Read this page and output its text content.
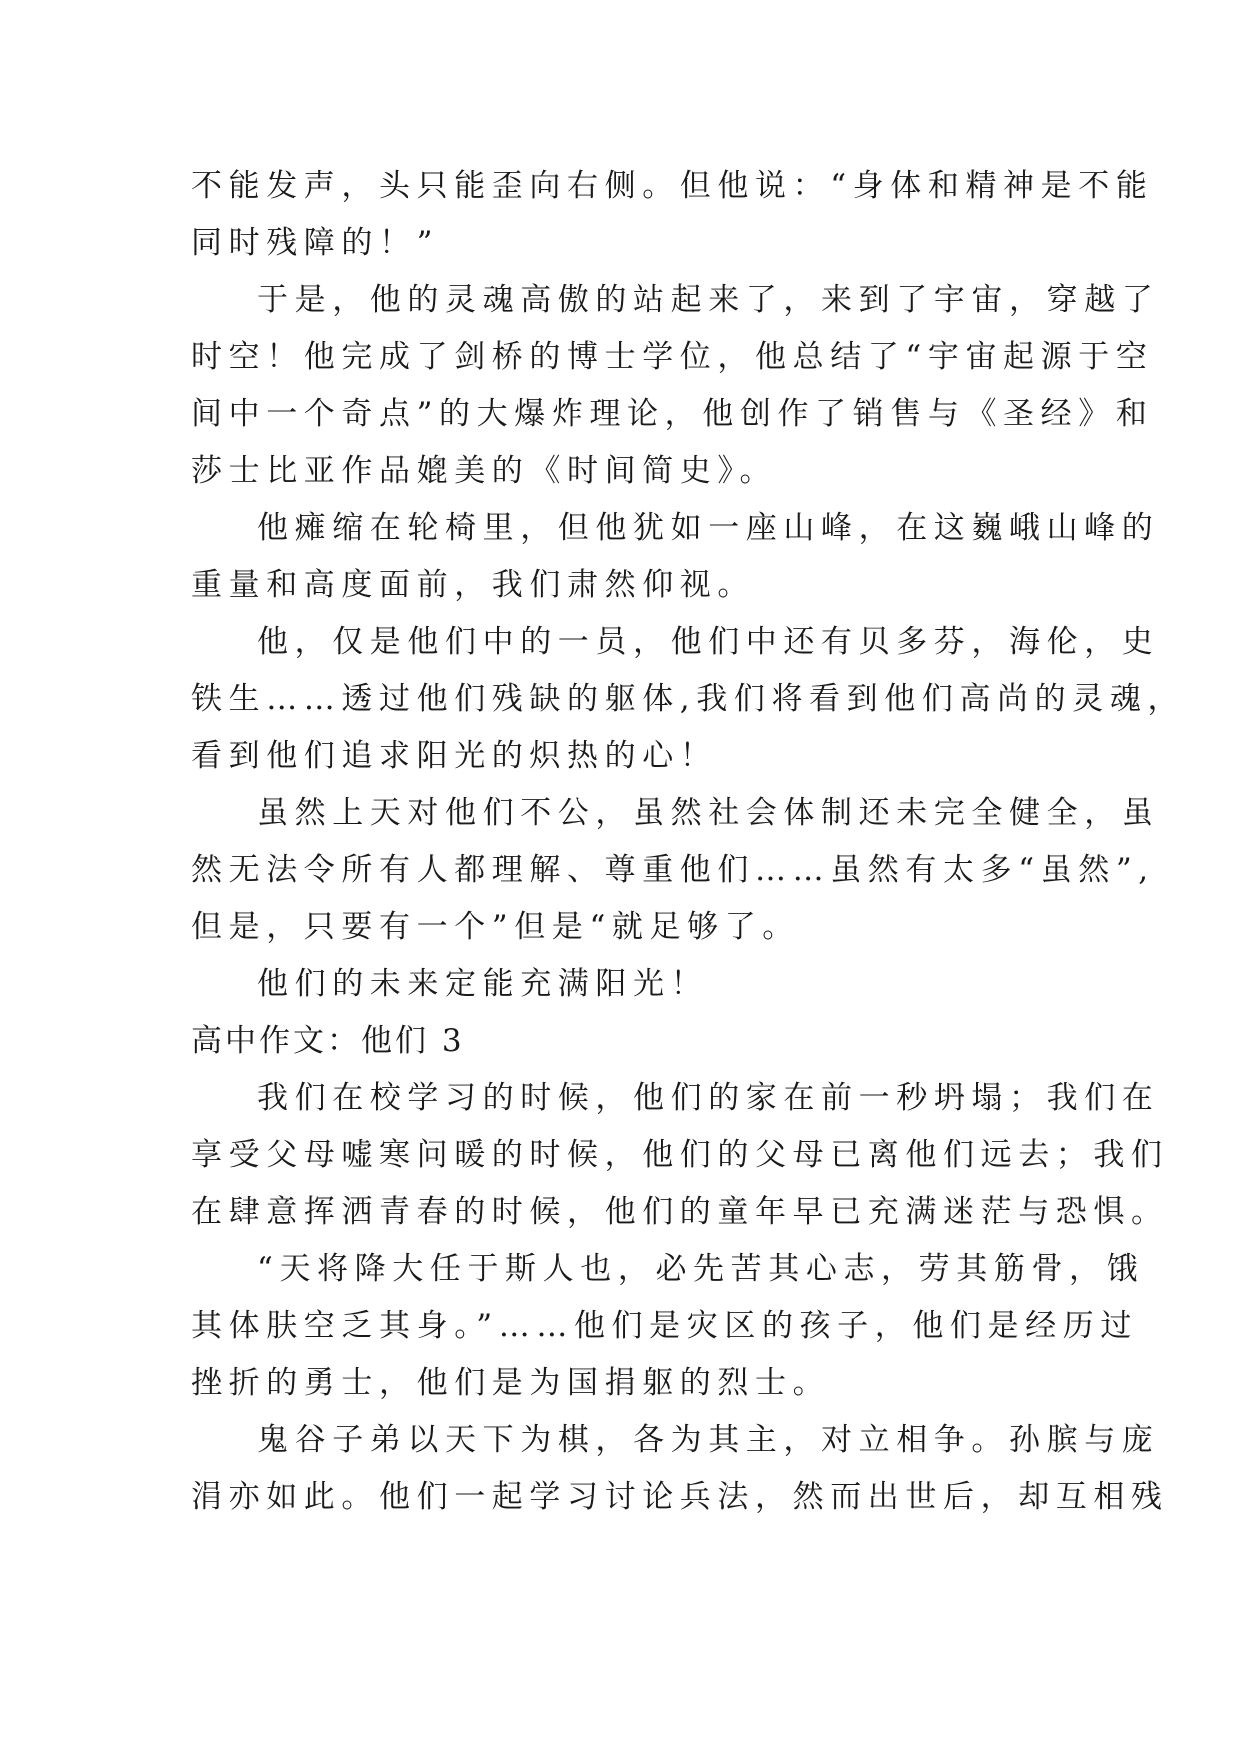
不能发声，头只能歪向右侧。但他说：“身体和精神是不能
同时残障的！”
于是，他的灵魂高傲的站起来了，来到了宇宙，穿越了
时空！他完成了剑桥的博士学位，他总结了“宇宙起源于空
间中一个奇点”的大爆炸理论，他创作了销售与《圣经》和
莎士比亚作品媲美的《时间简史》。
他瘫缩在轮椅里，但他犹如一座山峰，在这巍峨山峰的
重量和高度面前，我们肃然仰视。
他，仅是他们中的一员，他们中还有贝多芬，海伦，史
铁生……透过他们残缺的躯体,我们将看到他们高尚的灵魂，
看到他们追求阳光的炽热的心！
虽然上天对他们不公，虽然社会体制还未完全健全，虽
然无法令所有人都理解、尊重他们……虽然有太多“虽然”,
但是，只要有一个”但是“就足够了。
他们的未来定能充满阳光！
高中作文：他们 3
我们在校学习的时候，他们的家在前一秒坍塌；我们在
享受父母嘘寒问暖的时候，他们的父母已离他们远去；我们
在肆意挥洒青春的时候，他们的童年早已充满迷茫与恐惧。
“天将降大任于斯人也，必先苦其心志，劳其筋骨，饿
其体肤空乏其身。”……他们是灾区的孩子，他们是经历过
挫折的勇士，他们是为国捐躯的烈士。
鬼谷子弟以天下为棋，各为其主，对立相争。孙膑与庞
涓亦如此。他们一起学习讨论兵法，然而出世后，却互相残
